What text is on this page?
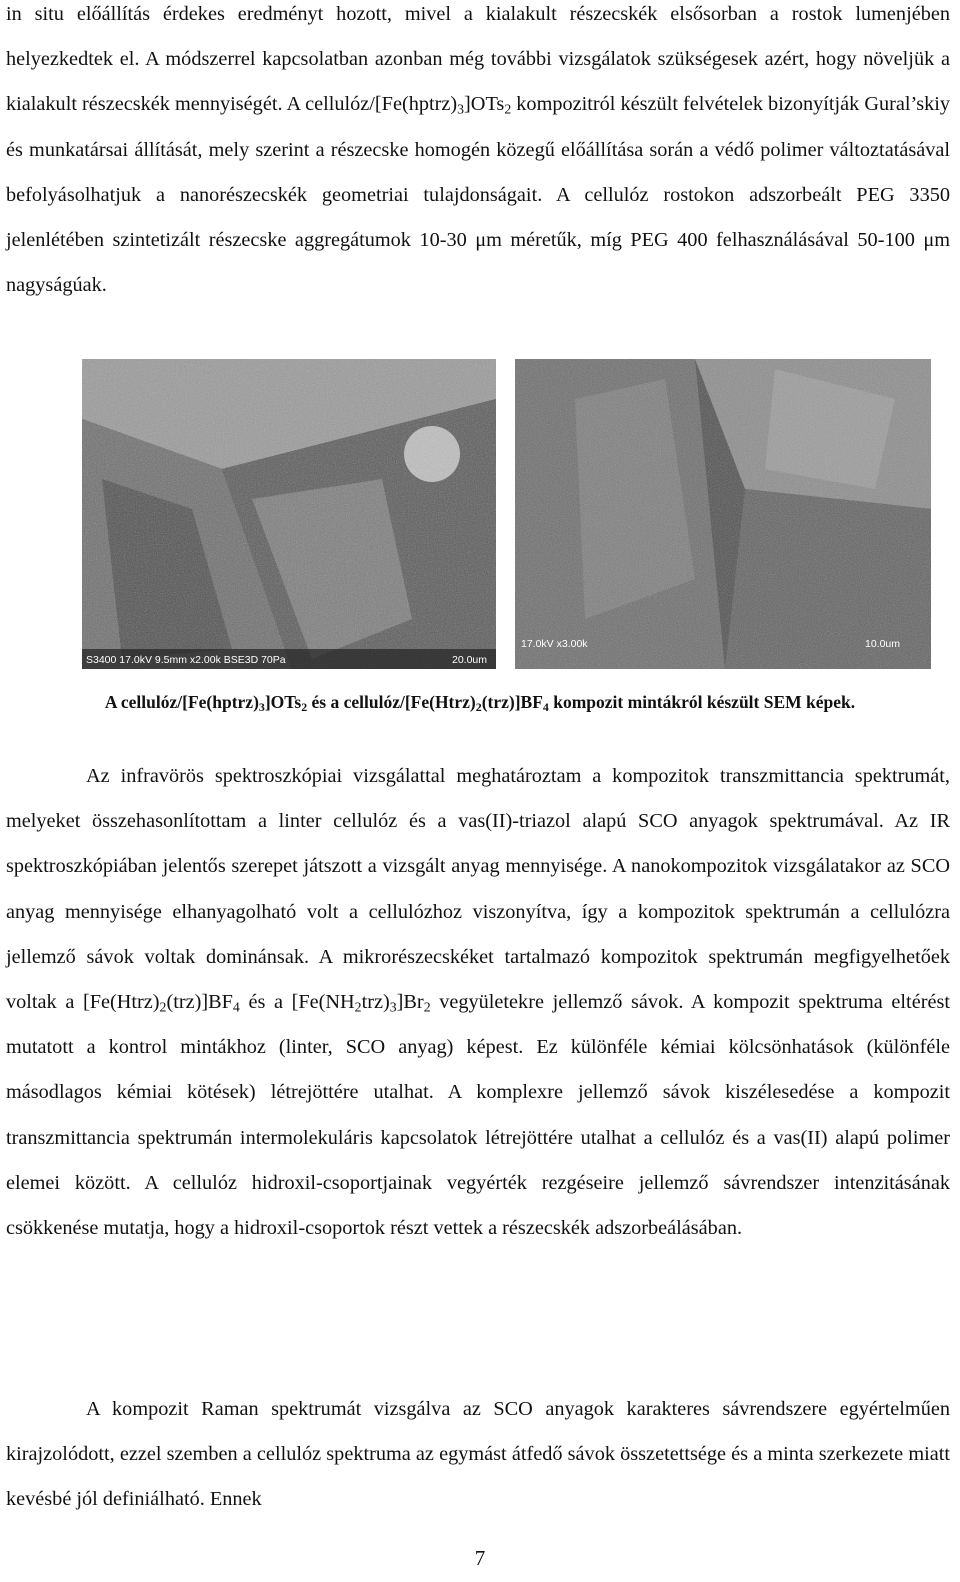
in situ előállítás érdekes eredményt hozott, mivel a kialakult részecskék elsősorban a rostok lumenjében helyezkedtek el. A módszerrel kapcsolatban azonban még további vizsgálatok szükségesek azért, hogy növeljük a kialakult részecskék mennyiségét. A cellulóz/$[Fe(hptrz)_3]OTs_2$ kompozitról készült felvételek bizonyítják Gural’skiy és munkatársai állítását, mely szerint a részecske homogén közegű előállítása során a védő polimer változtatásával befolyásolhatjuk a nanorészecskék geometriai tulajdonságait. A cellulóz rostokon adszorbeált PEG 3350 jelenlétében szintetizált részecske aggregátumok 10-30 μm méretűk, míg PEG 400 felhasználásával 50-100 μm nagyságúak.

S3400 17.0kV 9.5mm x2.00k BSE3D 70Pa	20.0um
17.0kV x3.00k	10.0um
A cellulóz/$[Fe(hptrz)_3]OTs_2$ és a cellulóz/$[Fe(Htrz)_2(trz)]BF_4$ kompozit mintákról készült SEM képek.

Az infravörös spektroszkópiai vizsgálattal meghatároztam a kompozitok transzmittancia spektrumát, melyeket összehasonlítottam a linter cellulóz és a vas(II)-triazol alapú SCO anyagok spektrumával. Az IR spektroszkópiában jelentős szerepet játszott a vizsgált anyag mennyisége. A nanokompozitok vizsgálatakor az SCO anyag mennyisége elhanyagolható volt a cellulózhoz viszonyítva, így a kompozitok spektrumán a cellulózra jellemző sávok voltak dominánsak. A mikrorészecskéket tartalmazó kompozitok spektrumán megfigyelhetőek voltak a $[Fe(Htrz)_2(trz)]BF_4$ és a $[Fe(NH_2trz)_3]Br_2$ vegyületekre jellemző sávok. A kompozit spektruma eltérést mutatott a kontrol mintákhoz (linter, SCO anyag) képest. Ez különféle kémiai kölcsönhatások (különféle másodlagos kémiai kötések) létrejöttére utalhat. A komplexre jellemző sávok kiszélesedése a kompozit transzmittancia spektrumán intermolekuláris kapcsolatok létrejöttére utalhat a cellulóz és a vas(II) alapú polimer elemei között. A cellulóz hidroxil-csoportjainak vegyérték rezgéseire jellemző sávrendszer intenzitásának csökkenése mutatja, hogy a hidroxil-csoportok részt vettek a részecskék adszorbeálásában.

A kompozit Raman spektrumát vizsgálva az SCO anyagok karakteres sávrendszere egyértelműen kirajzolódott, ezzel szemben a cellulóz spektruma az egymást átfedő sávok összetettsége és a minta szerkezete miatt kevésbé jól definiálható. Ennek

7
